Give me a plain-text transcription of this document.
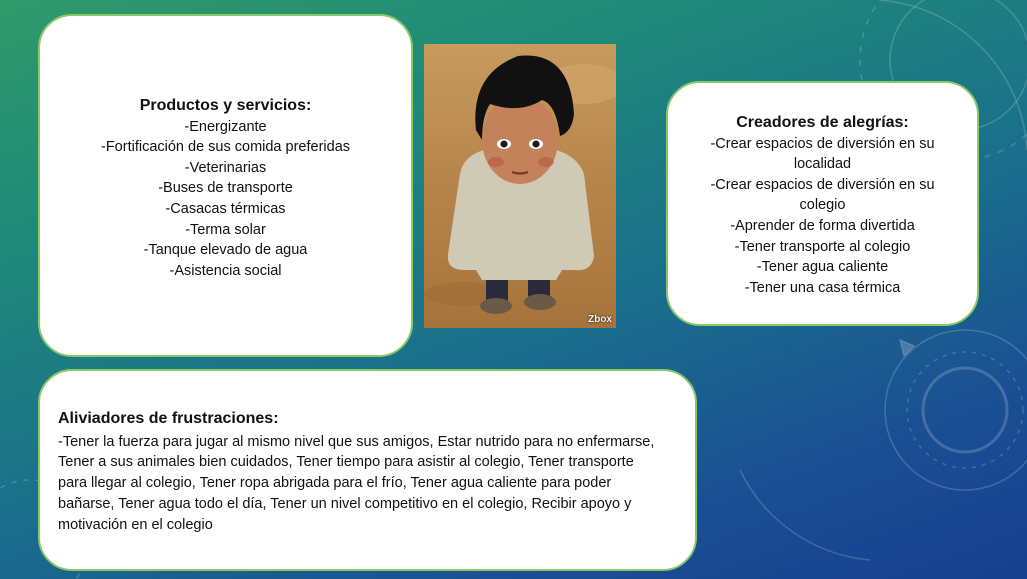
Productos y servicios:
-Energizante
-Fortificación de sus comida preferidas
-Veterinarias
-Buses de transporte
-Casacas térmicas
-Terma solar
-Tanque elevado de agua
-Asistencia social
Zbox
Creadores de alegrías:
-Crear espacios de diversión en su localidad
-Crear espacios de diversión en su colegio
-Aprender de forma divertida
-Tener transporte al colegio
-Tener agua caliente
-Tener una casa térmica
Aliviadores de frustraciones:

-Tener la fuerza para jugar al mismo nivel que sus amigos, Estar nutrido para no enfermarse, Tener a sus animales bien cuidados, Tener tiempo para asistir al colegio, Tener transporte para llegar al colegio, Tener ropa abrigada para el frío, Tener agua caliente para poder bañarse, Tener agua todo el día, Tener un nivel competitivo en el colegio, Recibir apoyo y motivación en el colegio
